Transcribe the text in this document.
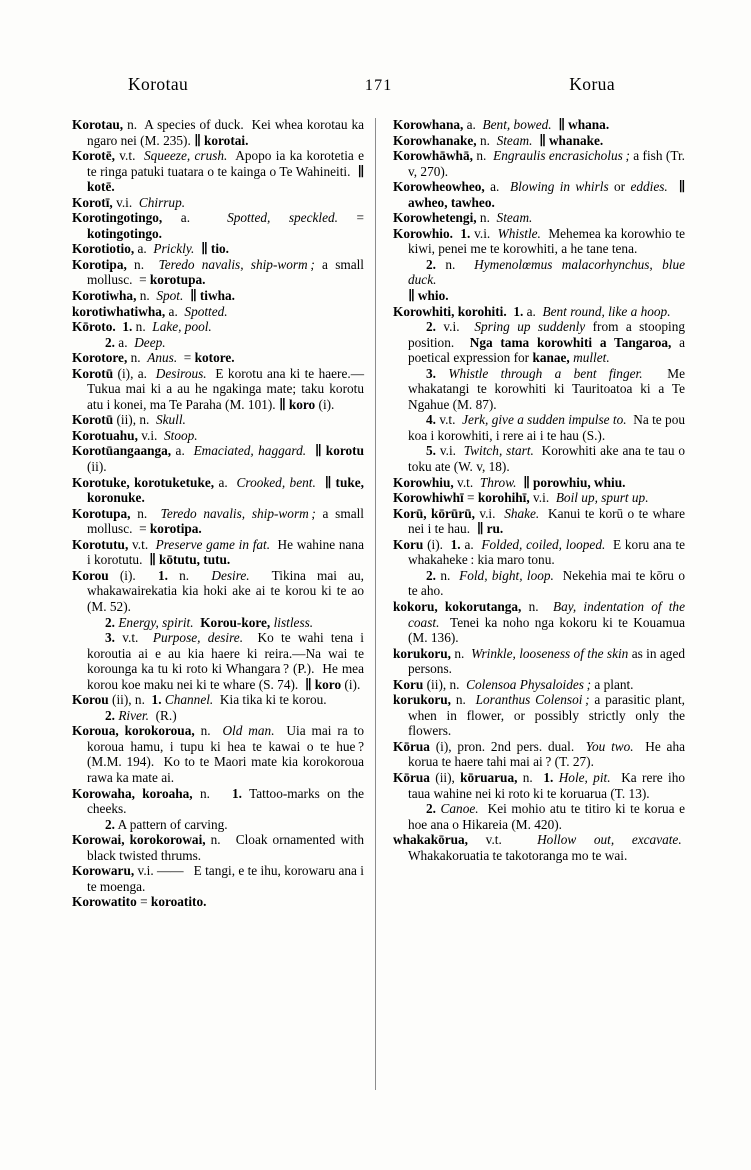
Korotau	171	Korua

Korotau, n.  A species of duck.  Kei whea korotau ka ngaro nei (M. 235). ∥ korotai.

Korotē, v.t.  Squeeze, crush.  Apopo ia ka korotetia e te ringa patuki tuatara o te kainga o Te Wahineiti.  ∥ kotē.

Korotī, v.i.  Chirrup.

Korotingotingo, a.  Spotted, speckled. = kotingotingo.

Korotiotio, a.  Prickly. ∥ tio.

Korotipa, n.  Teredo navalis, ship-worm ; a small mollusc.  = korotupa.

Korotiwha, n.  Spot. ∥ tiwha.

korotiwhatiwha, a.  Spotted.

Kōroto. 1. n.  Lake, pool.

2. a.  Deep.

Korotore, n.  Anus.  = kotore.

Korotū (i), a.  Desirous.  E korotu ana ki te haere.—Tukua mai ki a au he ngakinga mate; taku korotu atu i konei, ma Te Paraha (M. 101). ∥ koro (i).

Korotū (ii), n.  Skull.

Korotuahu, v.i.  Stoop.

Korotūangaanga, a.  Emaciated, haggard. ∥ korotu (ii).

Korotuke, korotuketuke, a.  Crooked, bent. ∥ tuke, koronuke.

Korotupa, n.  Teredo navalis, ship-worm ; a small mollusc.  = korotipa.

Korotutu, v.t.  Preserve game in fat.  He wahine nana i korotutu.  ∥ kōtutu, tutu.

Korou (i).  1. n.  Desire.  Tikina mai au, whakawairekatia kia hoki ake ai te korou ki te ao (M. 52).

2. Energy, spirit. Korou-kore, listless.

3. v.t.  Purpose, desire.  Ko te wahi tena i koroutia ai e au kia haere ki reira.—Na wai te korounga ka tu ki roto ki Whangara ? (P.).  He mea korou koe maku nei ki te whare (S. 74).  ∥ koro (i).

Korou (ii), n.  1. Channel.  Kia tika ki te korou.

2. River.  (R.)

Koroua, korokoroua, n.  Old man.  Uia mai ra to koroua hamu, i tupu ki hea te kawai o te hue ? (M.M. 194).  Ko to te Maori mate kia korokoroua rawa ka mate ai.

Korowaha, koroaha, n.   1. Tattoo-marks on the cheeks.

2. A pattern of carving.

Korowai, korokorowai, n.   Cloak ornamented with black twisted thrums.

Korowaru, v.i. ——   E tangi, e te ihu, korowaru ana i te moenga.

Korowatito = koroatito.

Korowhana, a.  Bent, bowed. ∥ whana.

Korowhanake, n.  Steam. ∥ whanake.

Korowhāwhā, n.  Engraulis encrasicholus ; a fish (Tr. v, 270).

Korowheowheo, a.  Blowing in whirls or eddies. ∥ awheo, tawheo.

Korowhetengi, n.  Steam.

Korowhio. 1. v.i.  Whistle.  Mehemea ka korowhio te kiwi, penei me te korowhiti, a he tane tena.

2. n.  Hymenolœmus malacorhynchus, blue duck.

∥ whio.

Korowhiti, korohiti. 1. a.  Bent round, like a hoop.

2. v.i.  Spring up suddenly from a stooping position.  Nga tama korowhiti a Tangaroa, a poetical expression for kanae, mullet.

3. Whistle through a bent finger.  Me whakatangi te korowhiti ki Tauritoatoa ki a Te Ngahue (M. 87).

4. v.t.  Jerk, give a sudden impulse to.  Na te pou koa i korowhiti, i rere ai i te hau (S.).

5. v.i.  Twitch, start.  Korowhiti ake ana te tau o toku ate (W. v, 18).

Korowhiu, v.t.  Throw. ∥ porowhiu, whiu.

Korowhiwhī = korohihī, v.i.  Boil up, spurt up.

Korū, kōrūrū, v.i.  Shake.  Kanui te korū o te whare nei i te hau.  ∥ ru.

Koru (i).  1. a.  Folded, coiled, looped.  E koru ana te whakaheke : kia maro tonu.

2. n.  Fold, bight, loop.  Nekehia mai te kōru o te aho.

kokoru, kokorutanga, n.  Bay, indentation of the coast.  Tenei ka noho nga kokoru ki te Kouamua (M. 136).

korukoru, n.  Wrinkle, looseness of the skin as in aged persons.

Koru (ii), n.  Colensoa Physaloides ; a plant.

korukoru, n.  Loranthus Colensoi ; a parasitic plant, when in flower, or possibly strictly only the flowers.

Kōrua (i), pron. 2nd pers. dual.  You two.  He aha korua te haere tahi mai ai ? (T. 27).

Kōrua (ii), kōruarua, n.  1. Hole, pit.  Ka rere iho taua wahine nei ki roto ki te koruarua (T. 13).

2. Canoe.  Kei mohio atu te titiro ki te korua e hoe ana o Hikareia (M. 420).

whakakōrua, v.t.  Hollow out, excavate.  Whakakoruatia te takotoranga mo te wai.
